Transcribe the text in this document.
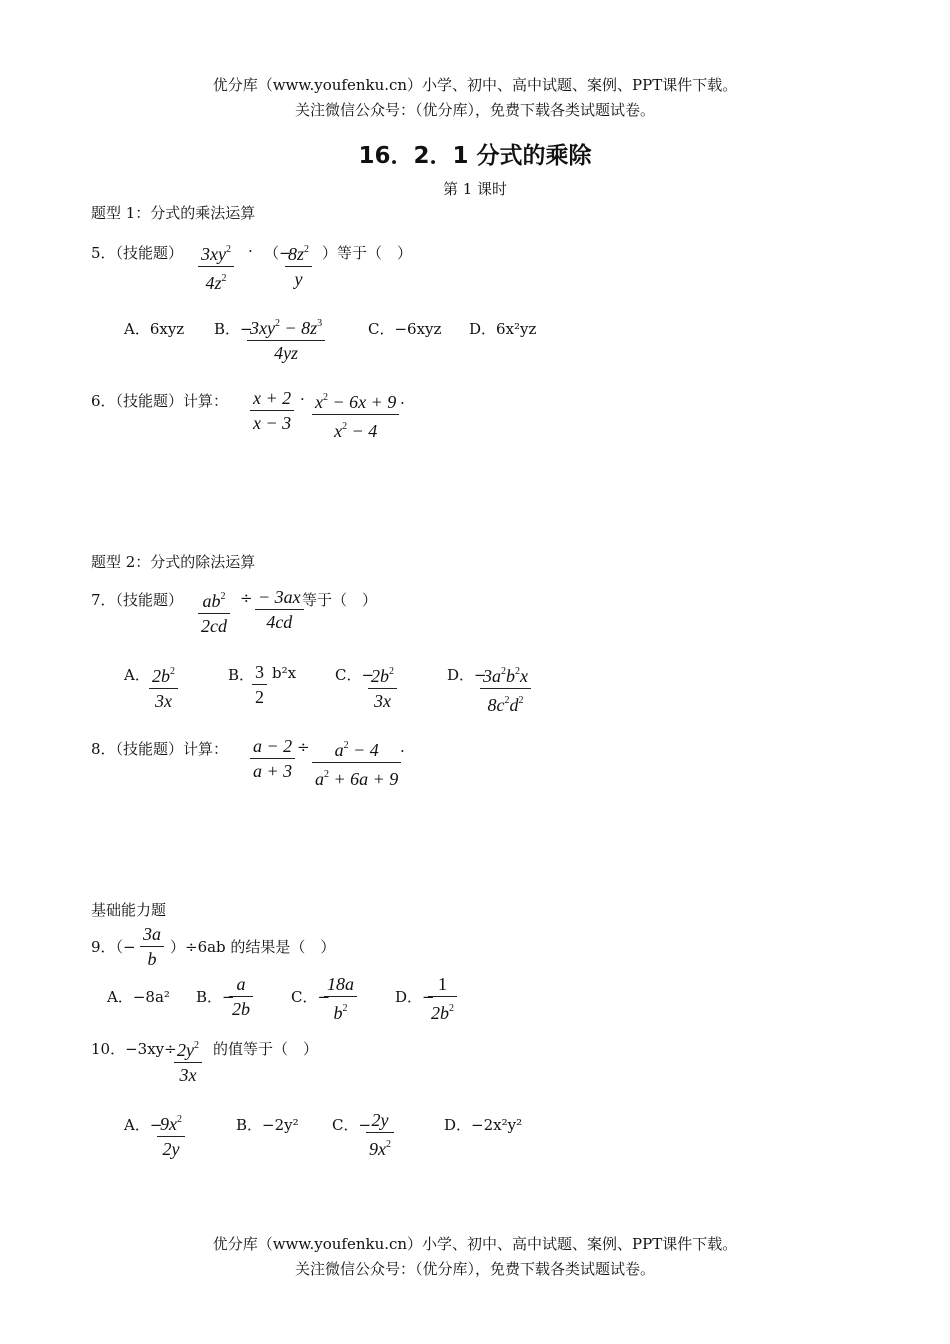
优分库（www.youfenku.cn）小学、初中、高中试题、案例、PPT课件下载。
关注微信公众号：（优分库），免费下载各类试题试卷。
16．2．1 分式的乘除
第 1 课时
题型 1：分式的乘法运算
5．（技能题） $3xy^2$
$4z^2$
· （−
$8z^2$
y
）等于（　）
A．6xyz B．−
$3xy^2 - 8z^3$
4yz
C．−6xyz D．6x²yz
6．（技能题）计算： x + 2
x − 3
· $x^2 - 6x + 9$
$x^2 - 4$
.
题型 2：分式的除法运算
7．（技能题） $ab^2$
2cd
÷ − 3ax
4cd
等于（　）
A． $2b^2$
3x
B． 3
2
b²x	C．−
$2b^2$
3x
D．−
$3a^2b^2x$
$8c^2d^2$
8．（技能题）计算： a − 2
a + 3
÷	$a^2 - 4$
$a^2 + 6a + 9$
.
基础能力题
9．（−
3a
b
）÷6ab 的结果是（　）
A．−8a² B．−
a
2b
C．−
18a
$b^2$
D．−
1
$2b^2$
10．$-3xy\div 2y^2$
3x
的值等于（　）
A．−
$9x^2$
2y
B．−2y² C．− 2y
$9x^2$
D．−2x²y²
优分库（www.youfenku.cn）小学、初中、高中试题、案例、PPT课件下载。
关注微信公众号：（优分库），免费下载各类试题试卷。
